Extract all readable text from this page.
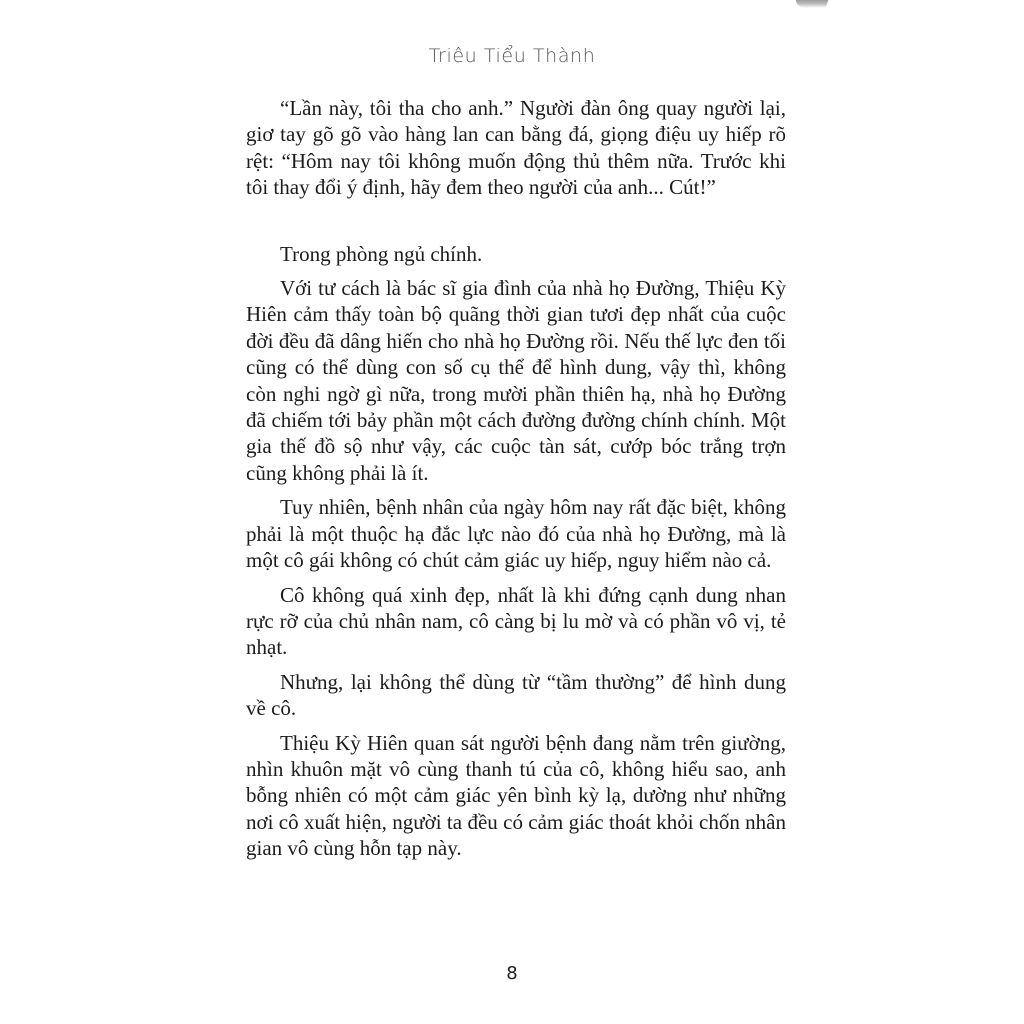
Triêu Tiểu Thành

“Lần này, tôi tha cho anh.” Người đàn ông quay người lại, giơ tay gõ gõ vào hàng lan can bằng đá, giọng điệu uy hiếp rõ rệt: “Hôm nay tôi không muốn động thủ thêm nữa. Trước khi tôi thay đổi ý định, hãy đem theo người của anh... Cút!”

Trong phòng ngủ chính.

Với tư cách là bác sĩ gia đình của nhà họ Đường, Thiệu Kỳ Hiên cảm thấy toàn bộ quãng thời gian tươi đẹp nhất của cuộc đời đều đã dâng hiến cho nhà họ Đường rồi. Nếu thế lực đen tối cũng có thể dùng con số cụ thể để hình dung, vậy thì, không còn nghi ngờ gì nữa, trong mười phần thiên hạ, nhà họ Đường đã chiếm tới bảy phần một cách đường đường chính chính. Một gia thế đồ sộ như vậy, các cuộc tàn sát, cướp bóc trắng trợn cũng không phải là ít.

Tuy nhiên, bệnh nhân của ngày hôm nay rất đặc biệt, không phải là một thuộc hạ đắc lực nào đó của nhà họ Đường, mà là một cô gái không có chút cảm giác uy hiếp, nguy hiểm nào cả.

Cô không quá xinh đẹp, nhất là khi đứng cạnh dung nhan rực rỡ của chủ nhân nam, cô càng bị lu mờ và có phần vô vị, tẻ nhạt.

Nhưng, lại không thể dùng từ “tầm thường” để hình dung về cô.

Thiệu Kỳ Hiên quan sát người bệnh đang nằm trên giường, nhìn khuôn mặt vô cùng thanh tú của cô, không hiểu sao, anh bỗng nhiên có một cảm giác yên bình kỳ lạ, dường như những nơi cô xuất hiện, người ta đều có cảm giác thoát khỏi chốn nhân gian vô cùng hỗn tạp này.

8
